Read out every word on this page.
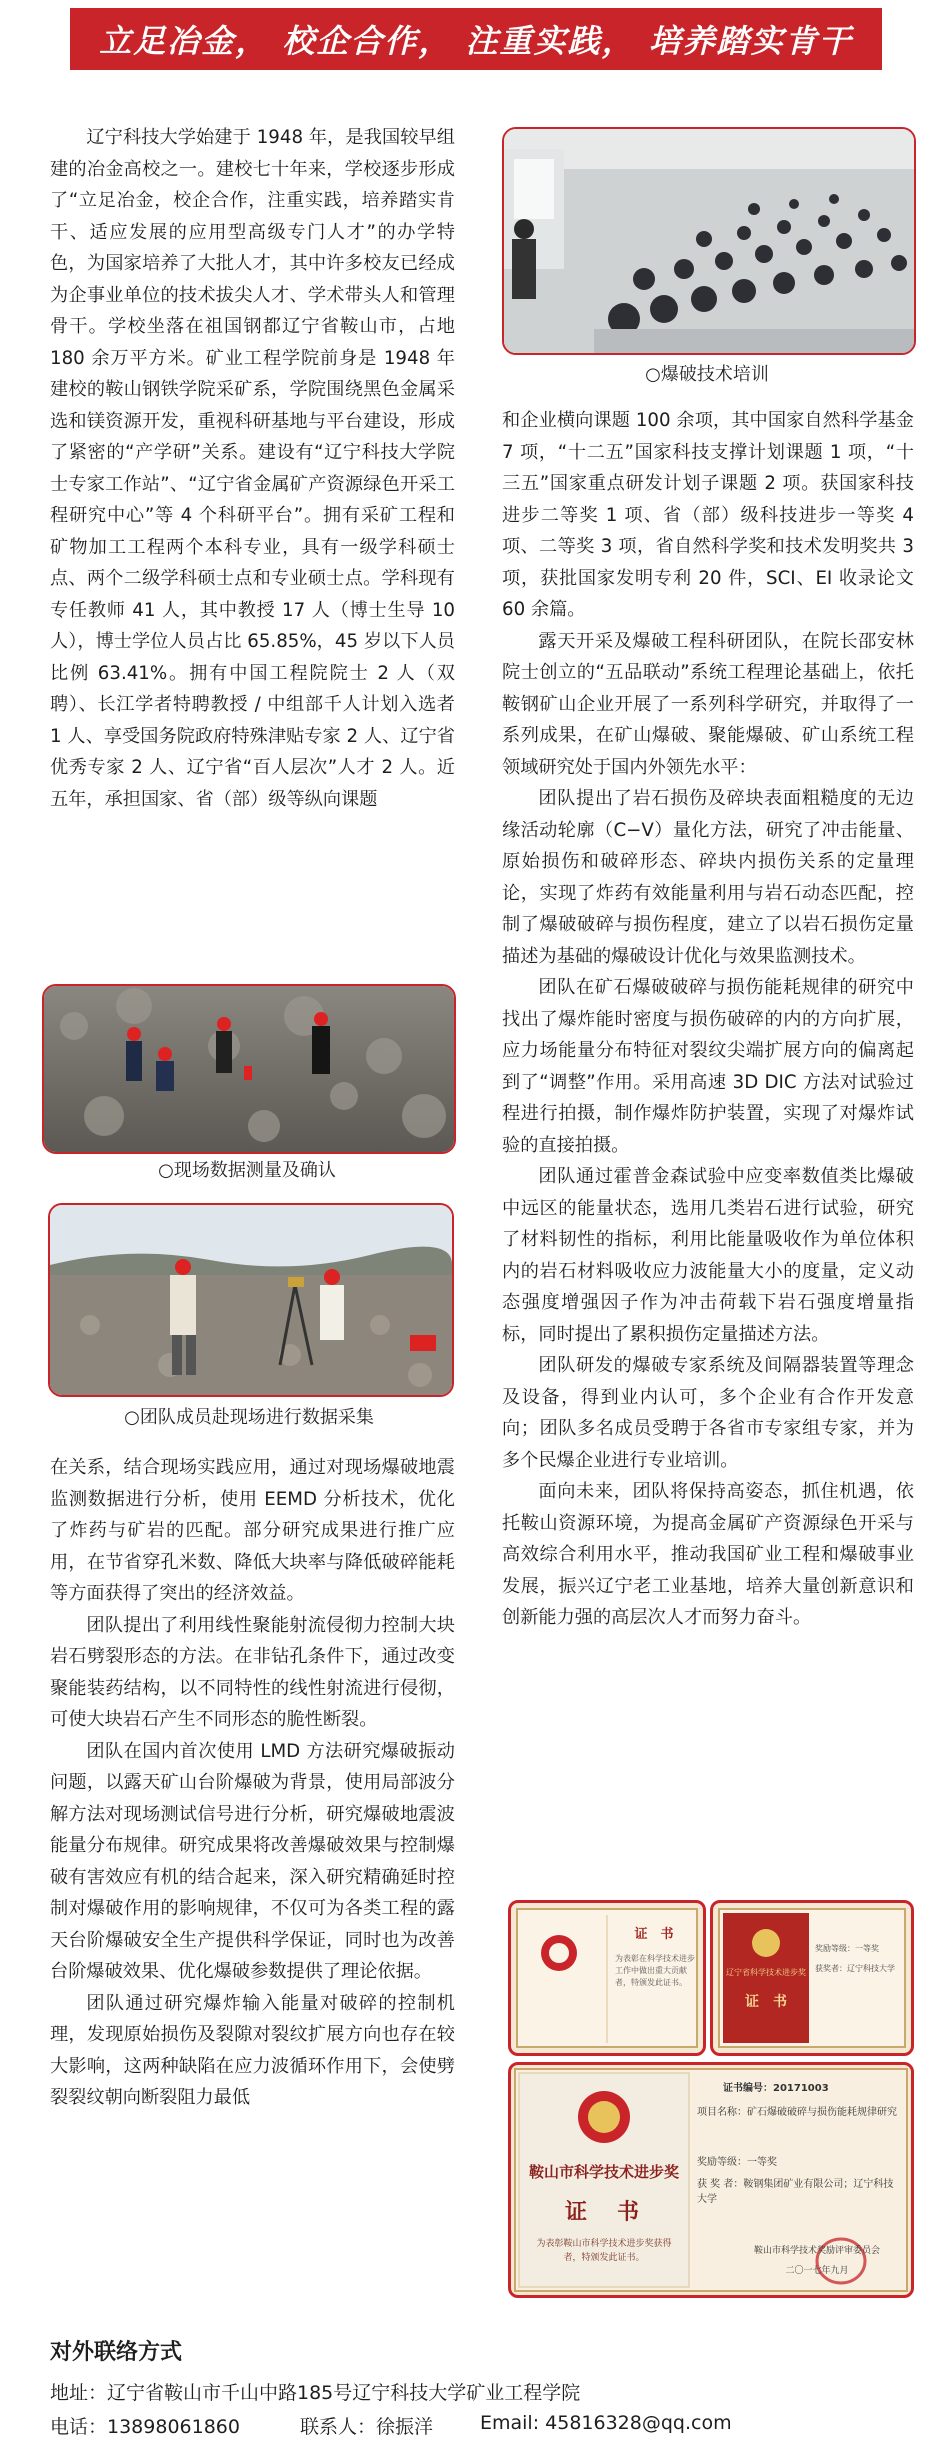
立足冶金， 校企合作， 注重实践， 培养踏实肯干

辽宁科技大学始建于 1948 年，是我国较早组建的冶金高校之一。建校七十年来，学校逐步形成了“立足冶金，校企合作，注重实践，培养踏实肯干、适应发展的应用型高级专门人才”的办学特色，为国家培养了大批人才，其中许多校友已经成为企事业单位的技术拔尖人才、学术带头人和管理骨干。学校坐落在祖国钢都辽宁省鞍山市，占地 180 余万平方米。矿业工程学院前身是 1948 年建校的鞍山钢铁学院采矿系，学院围绕黑色金属采选和镁资源开发，重视科研基地与平台建设，形成了紧密的“产学研”关系。建设有“辽宁科技大学院士专家工作站”、“辽宁省金属矿产资源绿色开采工程研究中心”等 4 个科研平台”。拥有采矿工程和矿物加工工程两个本科专业，具有一级学科硕士点、两个二级学科硕士点和专业硕士点。学科现有专任教师 41 人，其中教授 17 人（博士生导 10 人），博士学位人员占比 65.85%，45 岁以下人员比例 63.41%。拥有中国工程院院士 2 人（双聘）、长江学者特聘教授 / 中组部千人计划入选者 1 人、享受国务院政府特殊津贴专家 2 人、辽宁省优秀专家 2 人、辽宁省“百人层次”人才 2 人。近五年，承担国家、省（部）级等纵向课题

○现场数据测量及确认
○团队成员赴现场进行数据采集

在关系，结合现场实践应用，通过对现场爆破地震监测数据进行分析，使用 EEMD 分析技术，优化了炸药与矿岩的匹配。部分研究成果进行推广应用，在节省穿孔米数、降低大块率与降低破碎能耗等方面获得了突出的经济效益。

团队提出了利用线性聚能射流侵彻力控制大块岩石劈裂形态的方法。在非钻孔条件下，通过改变聚能装药结构，以不同特性的线性射流进行侵彻，可使大块岩石产生不同形态的脆性断裂。

团队在国内首次使用 LMD 方法研究爆破振动问题，以露天矿山台阶爆破为背景，使用局部波分解方法对现场测试信号进行分析，研究爆破地震波能量分布规律。研究成果将改善爆破效果与控制爆破有害效应有机的结合起来，深入研究精确延时控制对爆破作用的影响规律，不仅可为各类工程的露天台阶爆破安全生产提供科学保证，同时也为改善台阶爆破效果、优化爆破参数提供了理论依据。

团队通过研究爆炸输入能量对破碎的控制机理，发现原始损伤及裂隙对裂纹扩展方向也存在较大影响，这两种缺陷在应力波循环作用下，会使劈裂裂纹朝向断裂阻力最低

○爆破技术培训

和企业横向课题 100 余项，其中国家自然科学基金 7 项，“十二五”国家科技支撑计划课题 1 项，“十三五”国家重点研发计划子课题 2 项。获国家科技进步二等奖 1 项、省（部）级科技进步一等奖 4 项、二等奖 3 项，省自然科学奖和技术发明奖共 3 项，获批国家发明专利 20 件，SCI、EI 收录论文 60 余篇。

露天开采及爆破工程科研团队，在院长邵安林院士创立的“五品联动”系统工程理论基础上，依托鞍钢矿山企业开展了一系列科学研究，并取得了一系列成果，在矿山爆破、聚能爆破、矿山系统工程领域研究处于国内外领先水平：

团队提出了岩石损伤及碎块表面粗糙度的无边缘活动轮廓（C−V）量化方法，研究了冲击能量、原始损伤和破碎形态、碎块内损伤关系的定量理论，实现了炸药有效能量利用与岩石动态匹配，控制了爆破破碎与损伤程度，建立了以岩石损伤定量描述为基础的爆破设计优化与效果监测技术。

团队在矿石爆破破碎与损伤能耗规律的研究中找出了爆炸能时密度与损伤破碎的内的方向扩展，应力场能量分布特征对裂纹尖端扩展方向的偏离起到了“调整”作用。采用高速 3D DIC 方法对试验过程进行拍摄，制作爆炸防护装置，实现了对爆炸试验的直接拍摄。

团队通过霍普金森试验中应变率数值类比爆破中远区的能量状态，选用几类岩石进行试验，研究了材料韧性的指标，利用比能量吸收作为单位体积内的岩石材料吸收应力波能量大小的度量，定义动态强度增强因子作为冲击荷载下岩石强度增量指标，同时提出了累积损伤定量描述方法。

团队研发的爆破专家系统及间隔器装置等理念及设备，得到业内认可，多个企业有合作开发意向；团队多名成员受聘于各省市专家组专家，并为多个民爆企业进行专业培训。

面向未来，团队将保持高姿态，抓住机遇，依托鞍山资源环境，为提高金属矿产资源绿色开采与高效综合利用水平，推动我国矿业工程和爆破事业发展，振兴辽宁老工业基地，培养大量创新意识和创新能力强的高层次人才而努力奋斗。

证　书
为表彰在科学技术进步工作中做出重大贡献者，特颁发此证书。
辽宁省科学技术进步奖
证　书
奖励等级：一等奖
获奖者：辽宁科技大学
鞍山市科学技术进步奖
证　书
为表彰鞍山市科学技术进步奖获得者，特颁发此证书。
证书编号：20171003
项目名称：矿石爆破破碎与损伤能耗规律研究
奖励等级：一等奖
获 奖 者：鞍钢集团矿业有限公司；辽宁科技大学
鞍山市科学技术奖励评审委员会
二〇一七年九月
对外联络方式
地址：辽宁省鞍山市千山中路185号辽宁科技大学矿业工程学院
电话：13898061860	联系人：徐振洋 Email: 45816328@qq.com
